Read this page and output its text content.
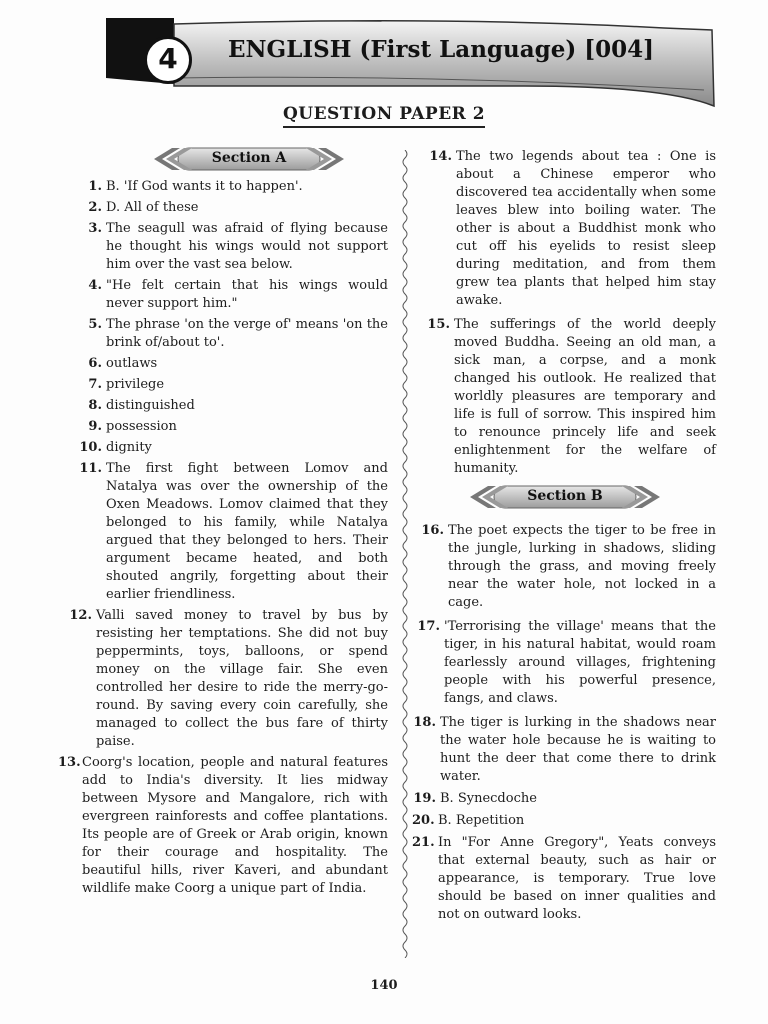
4	ENGLISH (First Language) [004]
QUESTION PAPER 2
Section A
Section B
1. B. 'If God wants it to happen'.
2. D. All of these
3. The seagull was afraid of flying because he thought his wings would not support him over the vast sea below.
4. "He felt certain that his wings would never support him."
5. The phrase 'on the verge of' means 'on the brink of/about to'.
6. outlaws
7. privilege
8. distinguished
9. possession
10. dignity
11. The first fight between Lomov and Natalya was over the ownership of the Oxen Meadows. Lomov claimed that they belonged to his family, while Natalya argued that they belonged to hers. Their argument became heated, and both shouted angrily, forgetting about their earlier friendliness.
12. Valli saved money to travel by bus by resisting her temptations. She did not buy peppermints, toys, balloons, or spend money on the village fair. She even controlled her desire to ride the merry-go-round. By saving every coin carefully, she managed to collect the bus fare of thirty paise.
13. Coorg's location, people and natural features add to India's diversity. It lies midway between Mysore and Mangalore, rich with evergreen rainforests and coffee plantations. Its people are of Greek or Arab origin, known for their courage and hospitality. The beautiful hills, river Kaveri, and abundant wildlife make Coorg a unique part of India.
14. The two legends about tea : One is about a Chinese emperor who discovered tea accidentally when some leaves blew into boiling water. The other is about a Buddhist monk who cut off his eyelids to resist sleep during meditation, and from them grew tea plants that helped him stay awake.
15. The sufferings of the world deeply moved Buddha. Seeing an old man, a sick man, a corpse, and a monk changed his outlook. He realized that worldly pleasures are temporary and life is full of sorrow. This inspired him to renounce princely life and seek enlightenment for the welfare of humanity.
16. The poet expects the tiger to be free in the jungle, lurking in shadows, sliding through the grass, and moving freely near the water hole, not locked in a cage.
17. 'Terrorising the village' means that the tiger, in his natural habitat, would roam fearlessly around villages, frightening people with his powerful presence, fangs, and claws.
18. The tiger is lurking in the shadows near the water hole because he is waiting to hunt the deer that come there to drink water.
19. B. Synecdoche
20. B. Repetition
21. In "For Anne Gregory", Yeats conveys that external beauty, such as hair or appearance, is temporary. True love should be based on inner qualities and not on outward looks.
140
